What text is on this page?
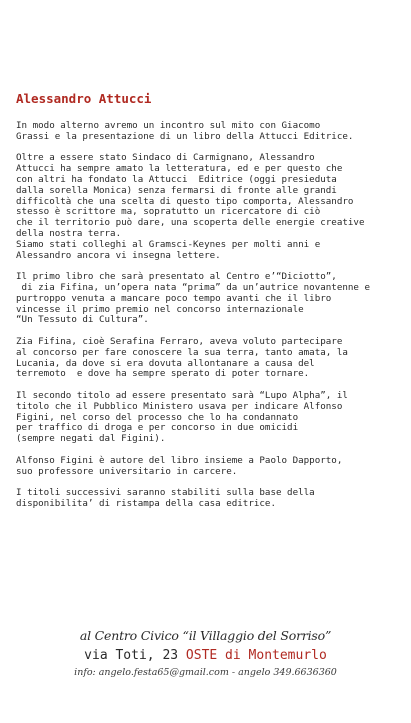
Alessandro Attucci

In modo alterno avremo un incontro sul mito con Giacomo
Grassi e la presentazione di un libro della Attucci Editrice.

Oltre a essere stato Sindaco di Carmignano, Alessandro
Attucci ha sempre amato la letteratura, ed e per questo che
con altri ha fondato la Attucci  Editrice (oggi presieduta
dalla sorella Monica) senza fermarsi di fronte alle grandi
difficoltà che una scelta di questo tipo comporta, Alessandro
stesso è scrittore ma, sopratutto un ricercatore di ciò
che il territorio può dare, una scoperta delle energie creative
della nostra terra.
Siamo stati colleghi al Gramsci-Keynes per molti anni e
Alessandro ancora vi insegna lettere.

Il primo libro che sarà presentato al Centro e’“Diciotto”,
di zia Fifina, un’opera nata “prima” da un’autrice novantenne e
purtroppo venuta a mancare poco tempo avanti che il libro
vincesse il primo premio nel concorso internazionale
“Un Tessuto di Cultura”.

Zia Fifina, cioè Serafina Ferraro, aveva voluto partecipare
al concorso per fare conoscere la sua terra, tanto amata, la
Lucania, da dove si era dovuta allontanare a causa del
terremoto  e dove ha sempre sperato di poter tornare.

Il secondo titolo ad essere presentato sarà “Lupo Alpha”, il
titolo che il Pubblico Ministero usava per indicare Alfonso
Figini, nel corso del processo che lo ha condannato
per traffico di droga e per concorso in due omicidi
(sempre negati dal Figini).

Alfonso Figini è autore del libro insieme a Paolo Dapporto,
suo professore universitario in carcere.

I titoli successivi saranno stabiliti sulla base della
disponibilita’ di ristampa della casa editrice.

al Centro Civico “il Villaggio del Sorriso”
via Toti, 23 OSTE di Montemurlo
info: angelo.festa65@gmail.com - angelo 349.6636360
